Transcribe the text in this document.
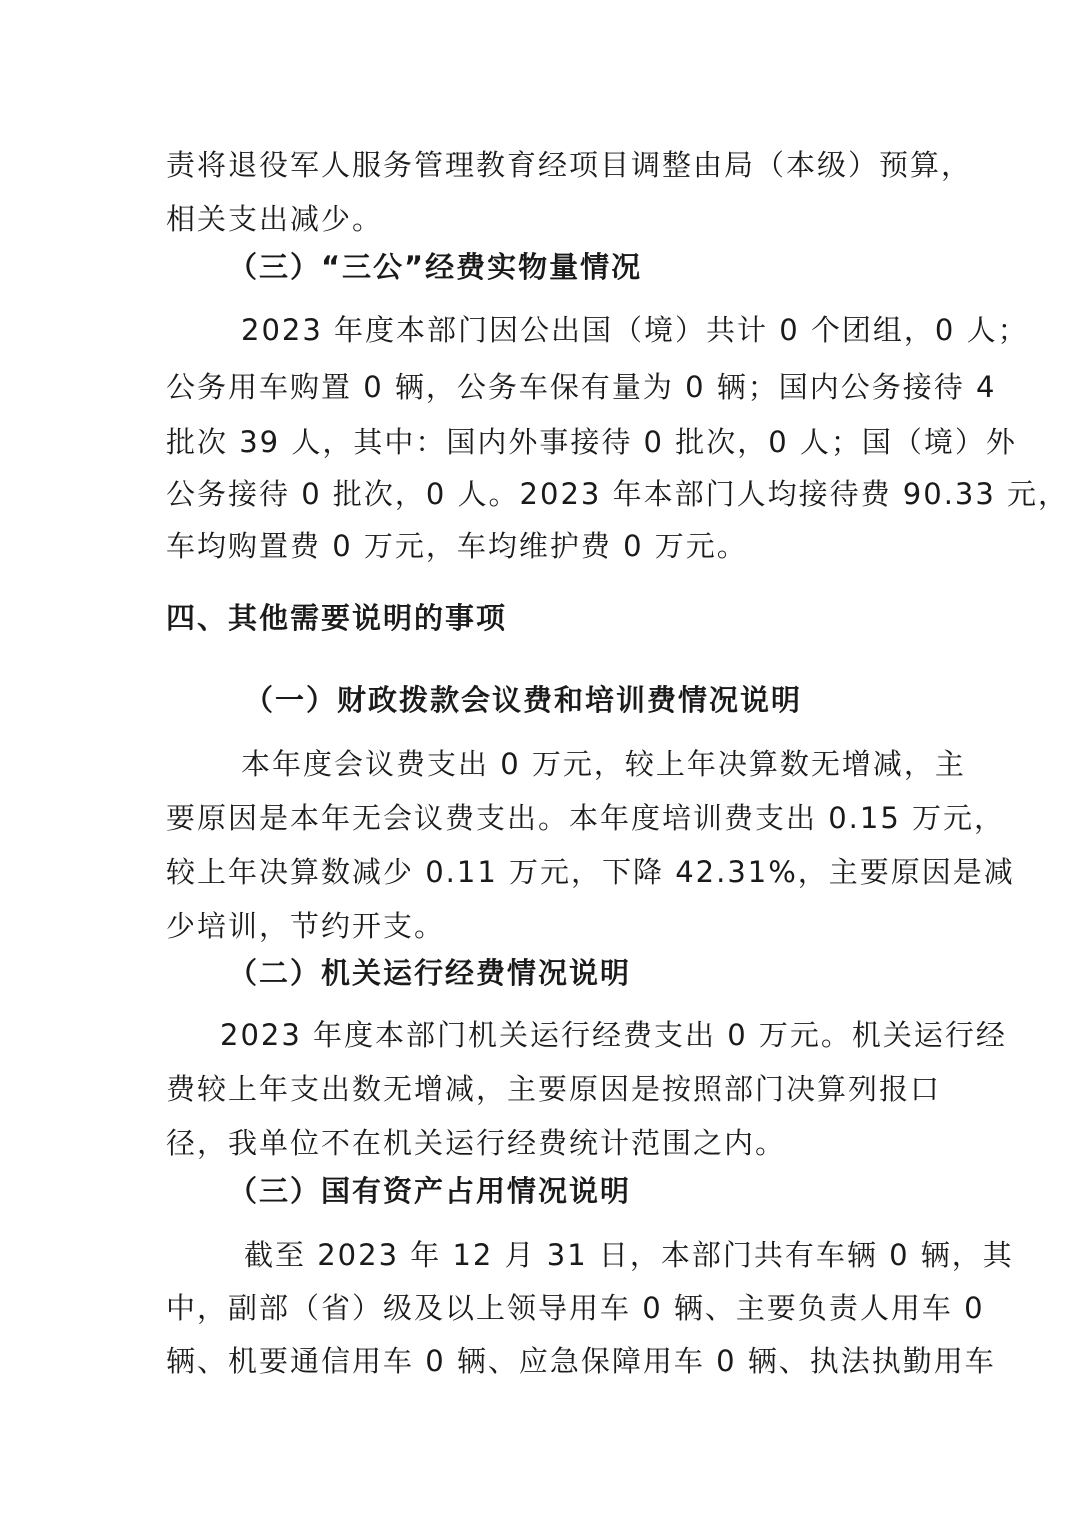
责将退役军人服务管理教育经项目调整由局（本级）预算，
相关支出减少。
（三）“三公”经费实物量情况
2023 年度本部门因公出国（境）共计 0 个团组，0 人；
公务用车购置 0 辆，公务车保有量为 0 辆；国内公务接待 4
批次 39 人，其中：国内外事接待 0 批次，0 人；国（境）外
公务接待 0 批次，0 人。2023 年本部门人均接待费 90.33 元，
车均购置费 0 万元，车均维护费 0 万元。
四、其他需要说明的事项
（一）财政拨款会议费和培训费情况说明
本年度会议费支出 0 万元，较上年决算数无增减，主
要原因是本年无会议费支出。本年度培训费支出 0.15 万元，
较上年决算数减少 0.11 万元，下降 42.31%，主要原因是减
少培训，节约开支。
（二）机关运行经费情况说明
2023 年度本部门机关运行经费支出 0 万元。机关运行经
费较上年支出数无增减，主要原因是按照部门决算列报口
径，我单位不在机关运行经费统计范围之内。
（三）国有资产占用情况说明
截至 2023 年 12 月 31 日，本部门共有车辆 0 辆，其
中，副部（省）级及以上领导用车 0 辆、主要负责人用车 0
辆、机要通信用车 0 辆、应急保障用车 0 辆、执法执勤用车
